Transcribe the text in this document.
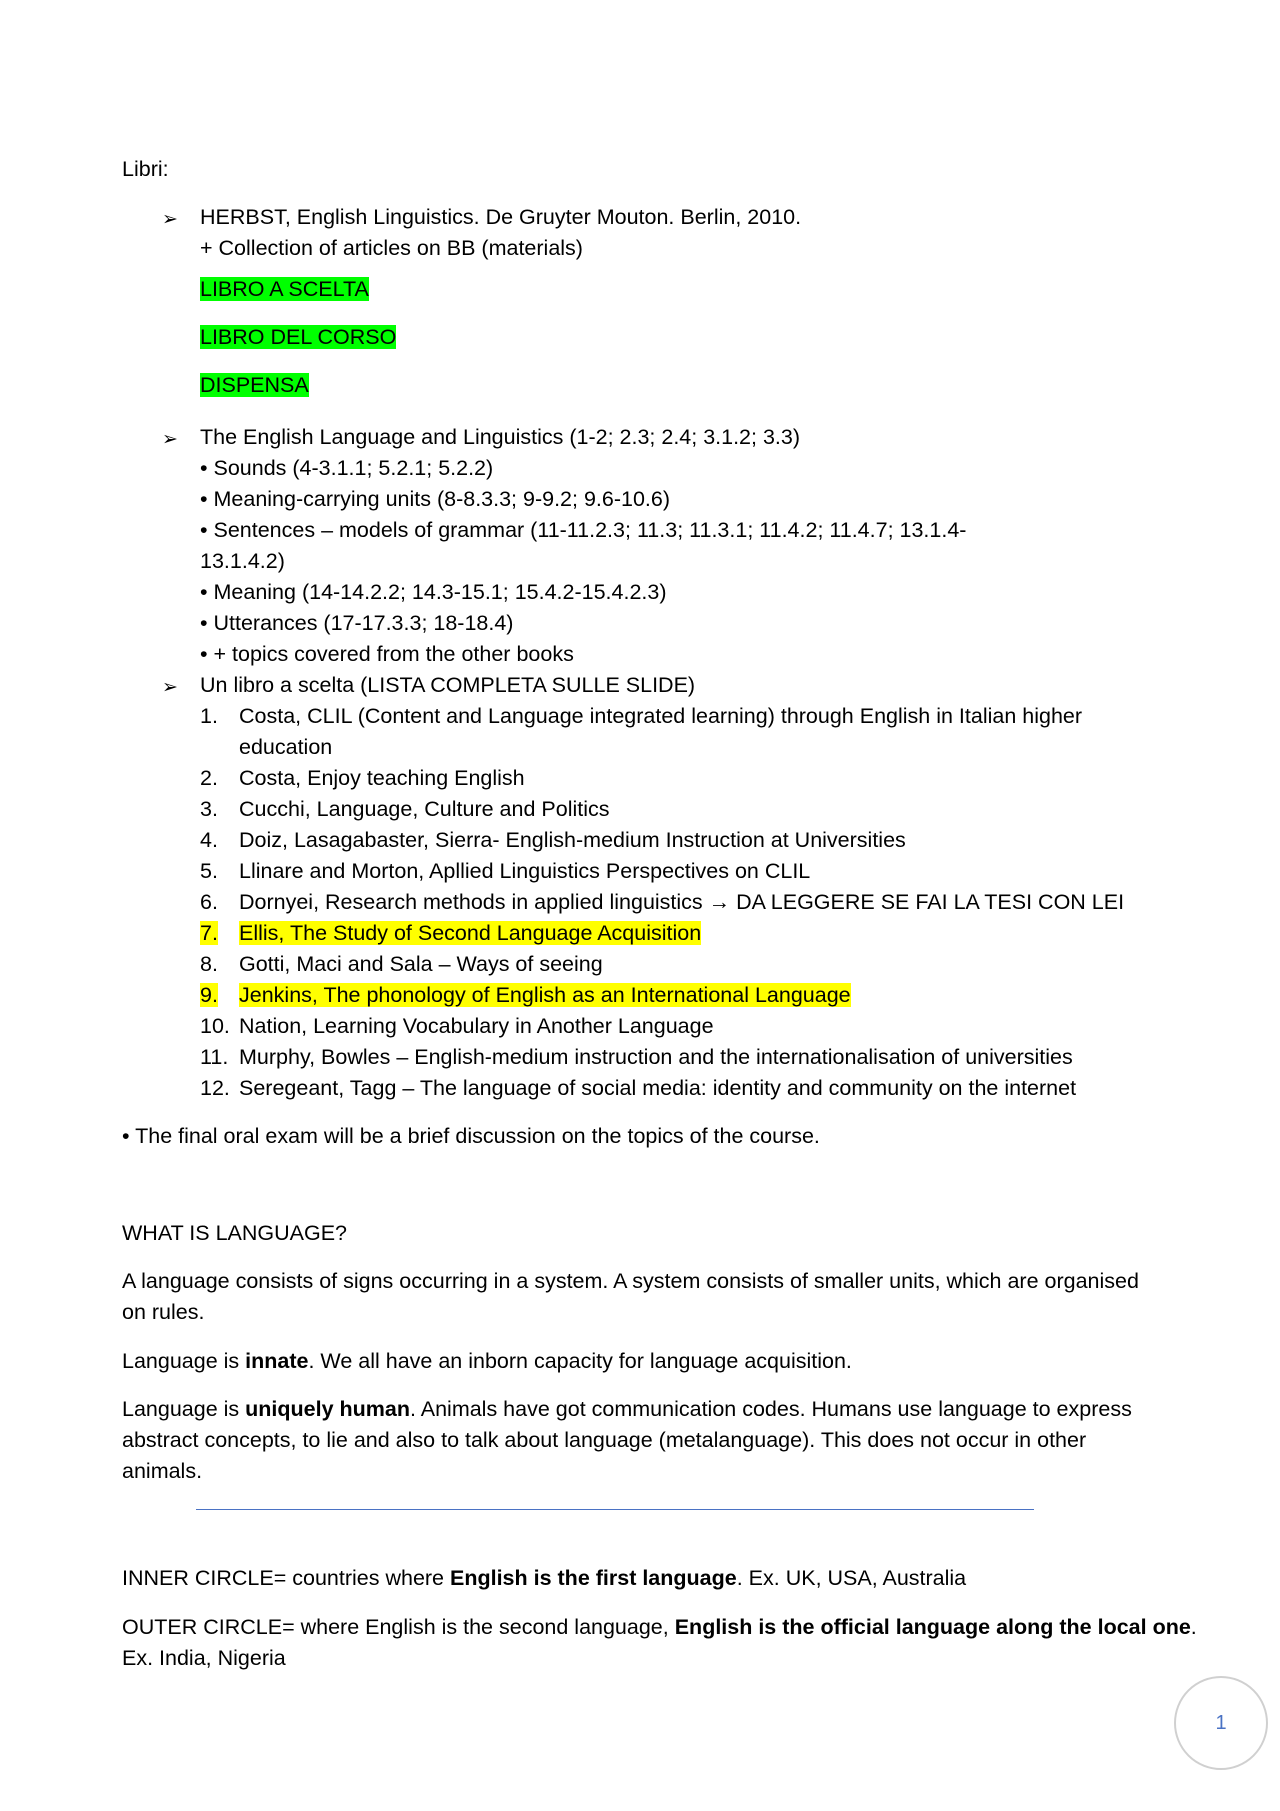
Libri:
➢ HERBST, English Linguistics. De Gruyter Mouton. Berlin, 2010.
+ Collection of articles on BB (materials)
LIBRO A SCELTA
LIBRO DEL CORSO
DISPENSA
➢ The English Language and Linguistics (1-2; 2.3; 2.4; 3.1.2; 3.3)
• Sounds (4-3.1.1; 5.2.1; 5.2.2)
• Meaning-carrying units (8-8.3.3; 9-9.2; 9.6-10.6)
• Sentences – models of grammar (11-11.2.3; 11.3; 11.3.1; 11.4.2; 11.4.7; 13.1.4-
13.1.4.2)
• Meaning (14-14.2.2; 14.3-15.1; 15.4.2-15.4.2.3)
• Utterances (17-17.3.3; 18-18.4)
• + topics covered from the other books
➢ Un libro a scelta (LISTA COMPLETA SULLE SLIDE)
1. Costa, CLIL (Content and Language integrated learning) through English in Italian higher
education
2. Costa, Enjoy teaching English
3. Cucchi, Language, Culture and Politics
4. Doiz, Lasagabaster, Sierra- English-medium Instruction at Universities
5. Llinare and Morton, Apllied Linguistics Perspectives on CLIL
6. Dornyei, Research methods in applied linguistics → DA LEGGERE SE FAI LA TESI CON LEI
7. Ellis, The Study of Second Language Acquisition
8. Gotti, Maci and Sala – Ways of seeing
9. Jenkins, The phonology of English as an International Language
10. Nation, Learning Vocabulary in Another Language
11. Murphy, Bowles – English-medium instruction and the internationalisation of universities
12. Seregeant, Tagg – The language of social media: identity and community on the internet
• The final oral exam will be a brief discussion on the topics of the course.
WHAT IS LANGUAGE?
A language consists of signs occurring in a system. A system consists of smaller units, which are organised
on rules.
Language is innate. We all have an inborn capacity for language acquisition.
Language is uniquely human. Animals have got communication codes. Humans use language to express
abstract concepts, to lie and also to talk about language (metalanguage). This does not occur in other
animals.
INNER CIRCLE= countries where English is the first language. Ex. UK, USA, Australia
OUTER CIRCLE= where English is the second language, English is the official language along the local one.
Ex. India, Nigeria
1
